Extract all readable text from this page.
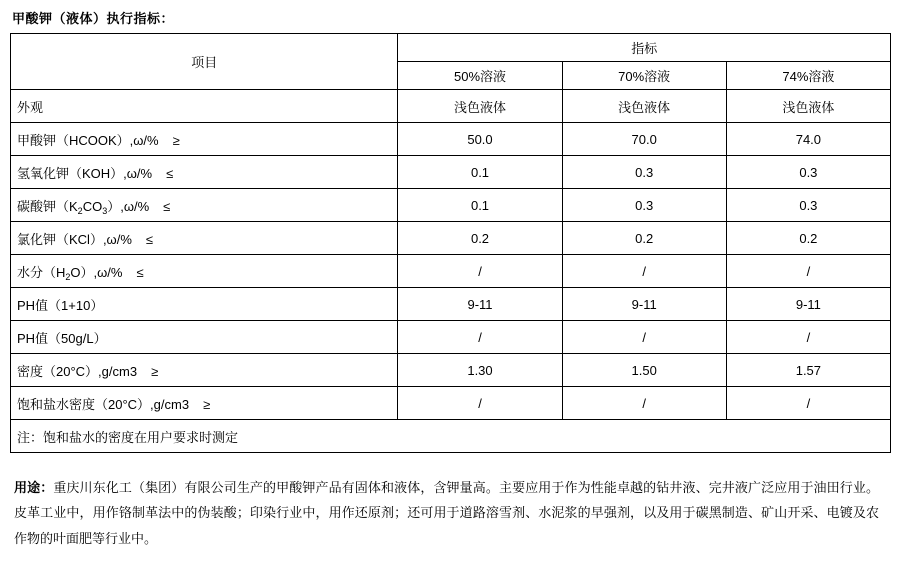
甲酸钾（液体）执行指标：
项目	指标		
	50%溶液	70%溶液	74%溶液
外观	浅色液体	浅色液体	浅色液体
甲酸钾（HCOOK）,ω/% ≥	50.0	70.0	74.0
氢氧化钾（KOH）,ω/% ≤	0.1	0.3	0.3
碳酸钾$(K_2CO_3),\omega/\%$ ≤	0.1	0.3	0.3
氯化钾（KCl）,ω/% ≤	0.2	0.2	0.2
水分$(H_2O),\omega/\%$ ≤	/	/	/
PH值（1+10）	9-11	9-11	9-11
PH值（50g/L）	/	/	/
密度（20°C）,g/cm3 ≥	1.30	1.50	1.57
饱和盐水密度（20°C）,g/cm3 ≥	/	/	/
注：饱和盐水的密度在用户要求时测定			
用途：重庆川东化工（集团）有限公司生产的甲酸钾产品有固体和液体，含钾量高。主要应用于作为性能卓越的钻井液、完井液广泛应用于油田行业。皮革工业中，用作铬制革法中的伪装酸；印染行业中，用作还原剂；还可用于道路溶雪剂、水泥浆的早强剂，以及用于碳黑制造、矿山开采、电镀及农作物的叶面肥等行业中。
